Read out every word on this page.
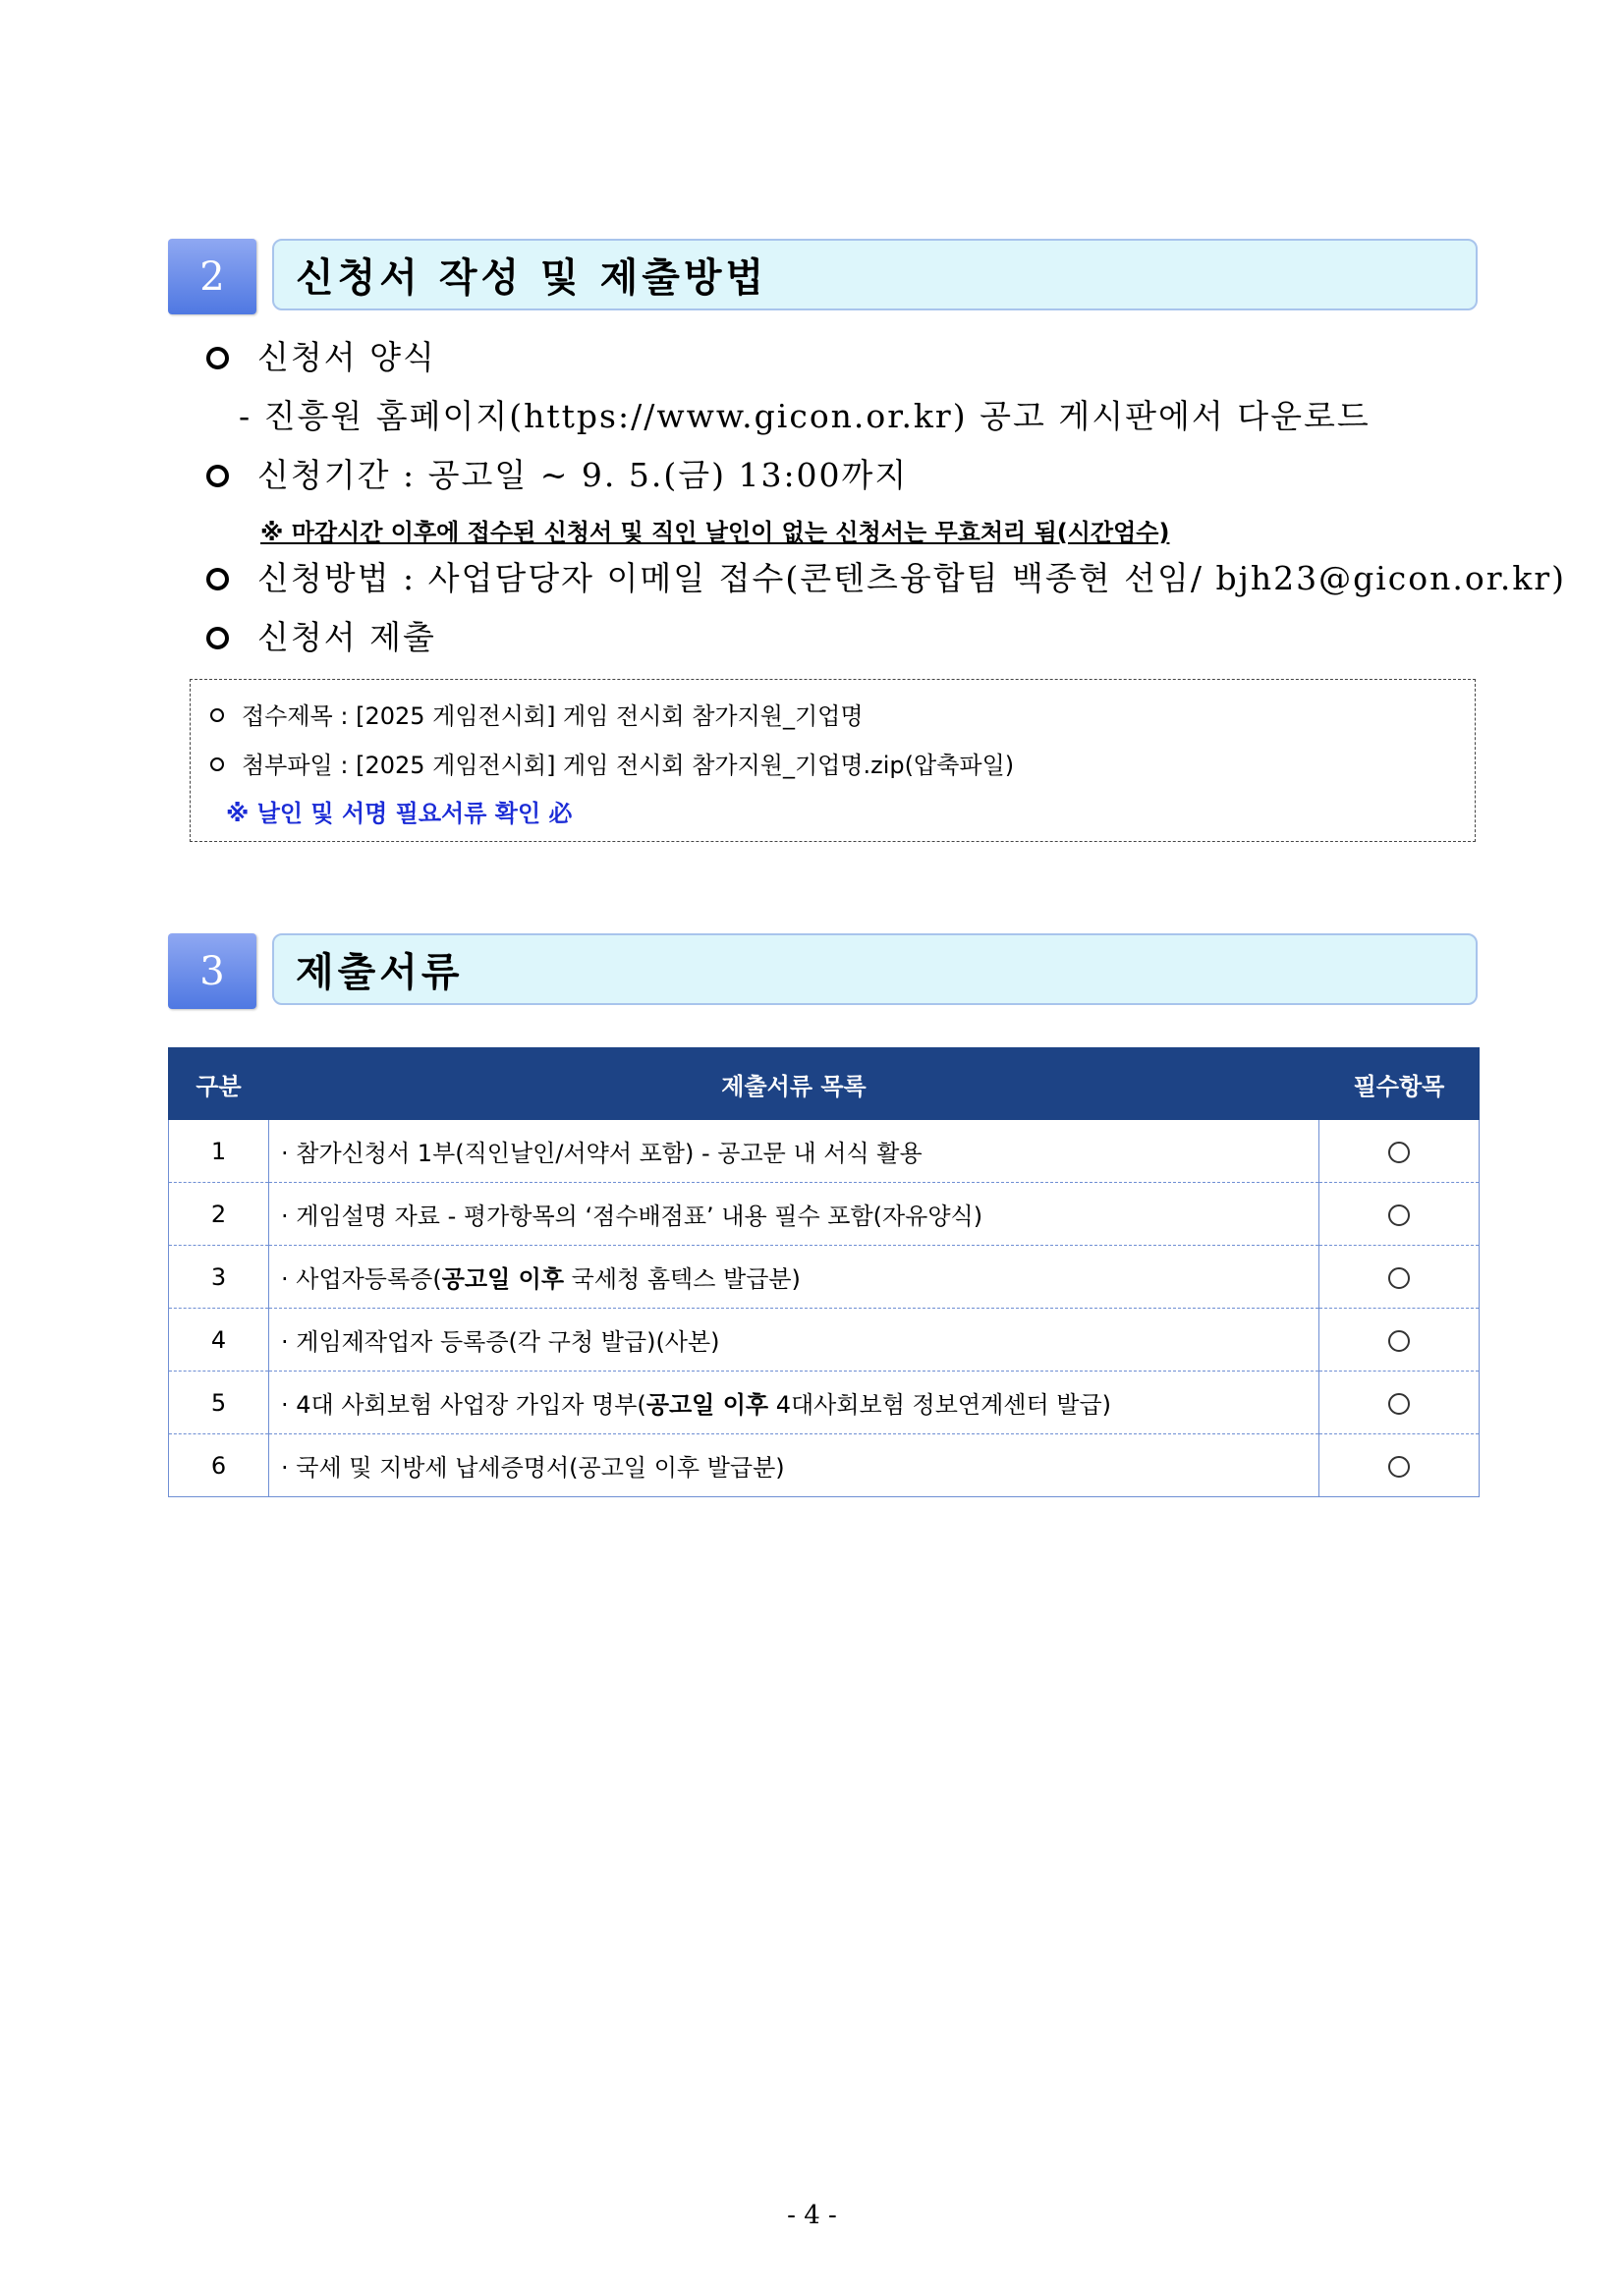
2	신청서 작성 및 제출방법
신청서 양식
- 진흥원 홈페이지(https://www.gicon.or.kr) 공고 게시판에서 다운로드
신청기간 : 공고일 ~ 9. 5.(금) 13:00까지
※ 마감시간 이후에 접수된 신청서 및 직인 날인이 없는 신청서는 무효처리 됨(시간엄수)
신청방법 : 사업담당자 이메일 접수(콘텐츠융합팀 백종현 선임/ bjh23@gicon.or.kr)
신청서 제출
접수제목 : [2025 게임전시회] 게임 전시회 참가지원_기업명
첨부파일 : [2025 게임전시회] 게임 전시회 참가지원_기업명.zip(압축파일)
※ 날인 및 서명 필요서류 확인 必
3	제출서류
구분	제출서류 목록	필수항목
1	· 참가신청서 1부(직인날인/서약서 포함) - 공고문 내 서식 활용	
2	· 게임설명 자료 - 평가항목의 ‘점수배점표’ 내용 필수 포함(자유양식)	
3	· 사업자등록증(공고일 이후 국세청 홈텍스 발급분)	
4	· 게임제작업자 등록증(각 구청 발급)(사본)	
5	· 4대 사회보험 사업장 가입자 명부(공고일 이후 4대사회보험 정보연계센터 발급)	
6	· 국세 및 지방세 납세증명서(공고일 이후 발급분)	
- 4 -
